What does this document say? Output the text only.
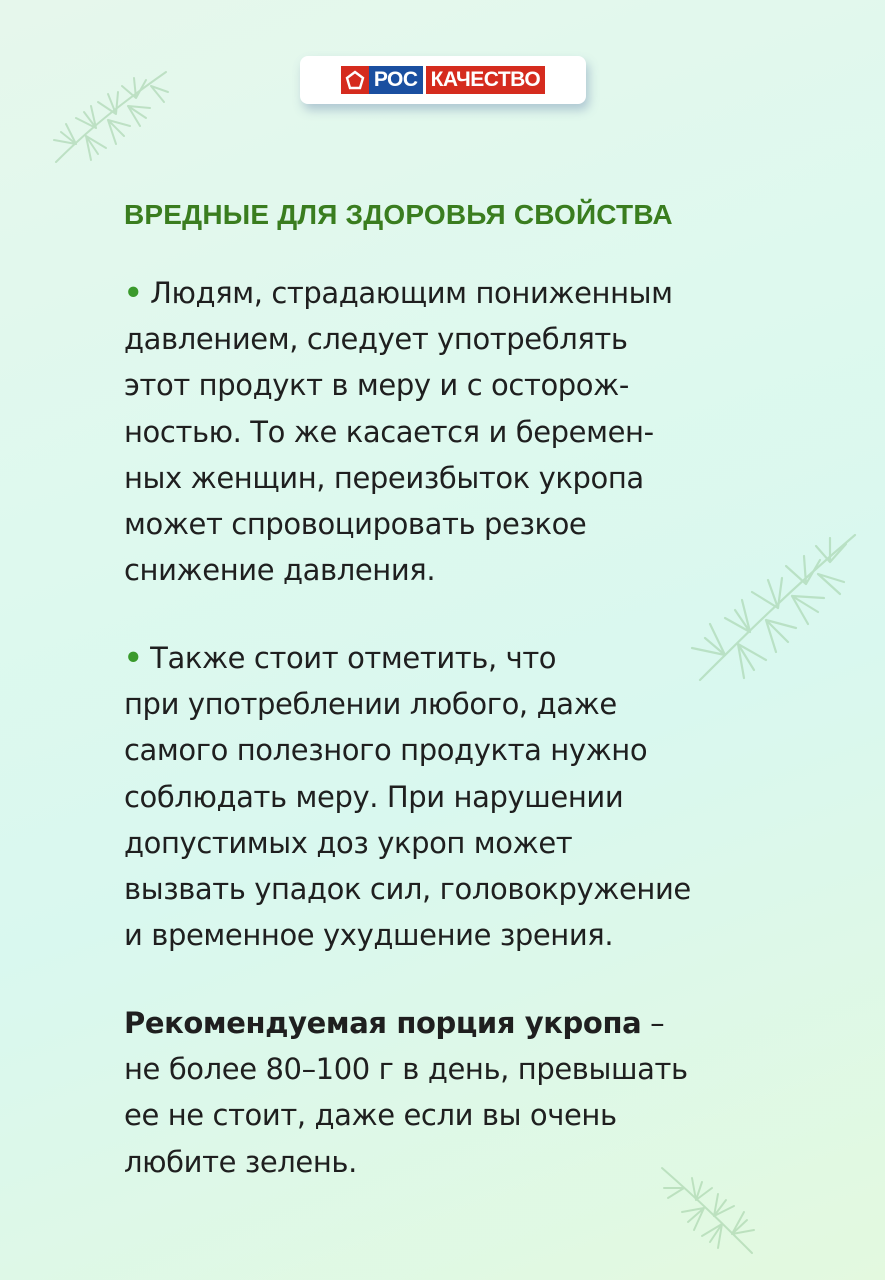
РОС КАЧЕСТВО
ВРЕДНЫЕ ДЛЯ ЗДОРОВЬЯ СВОЙСТВА

• Людям, страдающим пониженным
давлением, следует употреблять
этот продукт в меру и с осторож-
ностью. То же касается и беремен-
ных женщин, переизбыток укропа
может спровоцировать резкое
снижение давления.

• Также стоит отметить, что
при употреблении любого, даже
самого полезного продукта нужно
соблюдать меру. При нарушении
допустимых доз укроп может
вызвать упадок сил, головокружение
и временное ухудшение зрения.

Рекомендуемая порция укропа –
не более 80–100 г в день, превышать
ее не стоит, даже если вы очень
любите зелень.
